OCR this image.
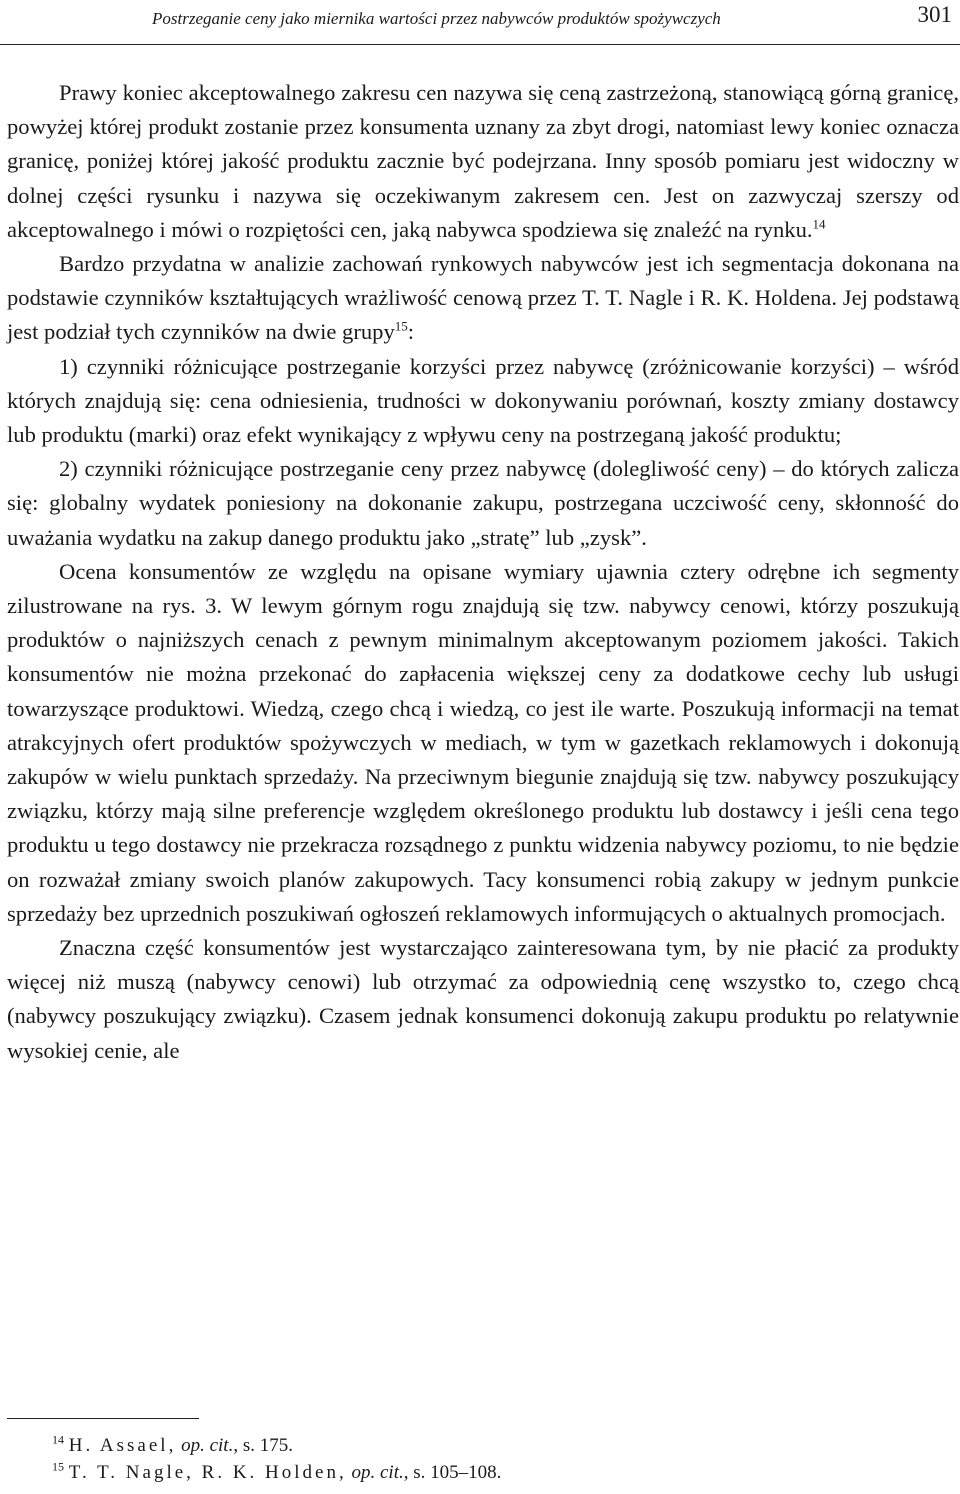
Postrzeganie ceny jako miernika wartości przez nabywców produktów spożywczych	301

Prawy koniec akceptowalnego zakresu cen nazywa się ceną zastrzeżoną, stanowiącą górną granicę, powyżej której produkt zostanie przez konsumenta uznany za zbyt drogi, natomiast lewy koniec oznacza granicę, poniżej której jakość produktu zacznie być podejrzana. Inny sposób pomiaru jest widoczny w dolnej części rysunku i nazywa się oczekiwanym zakresem cen. Jest on zazwyczaj szerszy od akceptowalnego i mówi o rozpiętości cen, jaką nabywca spodziewa się znaleźć na rynku.$^{14}$

Bardzo przydatna w analizie zachowań rynkowych nabywców jest ich segmentacja dokonana na podstawie czynników kształtujących wrażliwość cenową przez T. T. Nagle i R. K. Holdena. Jej podstawą jest podział tych czynników na dwie grupy$^{15}$:

1) czynniki różnicujące postrzeganie korzyści przez nabywcę (zróżnicowanie korzyści) – wśród których znajdują się: cena odniesienia, trudności w dokonywaniu porównań, koszty zmiany dostawcy lub produktu (marki) oraz efekt wynikający z wpływu ceny na postrzeganą jakość produktu;

2) czynniki różnicujące postrzeganie ceny przez nabywcę (dolegliwość ceny) – do których zalicza się: globalny wydatek poniesiony na dokonanie zakupu, postrzegana uczciwość ceny, skłonność do uważania wydatku na zakup danego produktu jako „stratę” lub „zysk”.

Ocena konsumentów ze względu na opisane wymiary ujawnia cztery odrębne ich segmenty zilustrowane na rys. 3. W lewym górnym rogu znajdują się tzw. nabywcy cenowi, którzy poszukują produktów o najniższych cenach z pewnym minimalnym akceptowanym poziomem jakości. Takich konsumentów nie można przekonać do zapłacenia większej ceny za dodatkowe cechy lub usługi towarzyszące produktowi. Wiedzą, czego chcą i wiedzą, co jest ile warte. Poszukują informacji na temat atrakcyjnych ofert produktów spożywczych w mediach, w tym w gazetkach reklamowych i dokonują zakupów w wielu punktach sprzedaży. Na przeciwnym biegunie znajdują się tzw. nabywcy poszukujący związku, którzy mają silne preferencje względem określonego produktu lub dostawcy i jeśli cena tego produktu u tego dostawcy nie przekracza rozsądnego z punktu widzenia nabywcy poziomu, to nie będzie on rozważał zmiany swoich planów zakupowych. Tacy konsumenci robią zakupy w jednym punkcie sprzedaży bez uprzednich poszukiwań ogłoszeń reklamowych informujących o aktualnych promocjach.

Znaczna część konsumentów jest wystarczająco zainteresowana tym, by nie płacić za produkty więcej niż muszą (nabywcy cenowi) lub otrzymać za odpowiednią cenę wszystko to, czego chcą (nabywcy poszukujący związku). Czasem jednak konsumenci dokonują zakupu produktu po relatywnie wysokiej cenie, ale

$^{14}$ H. Assael, op. cit., s. 175.
$^{15}$ T. T. Nagle, R. K. Holden, op. cit., s. 105–108.
